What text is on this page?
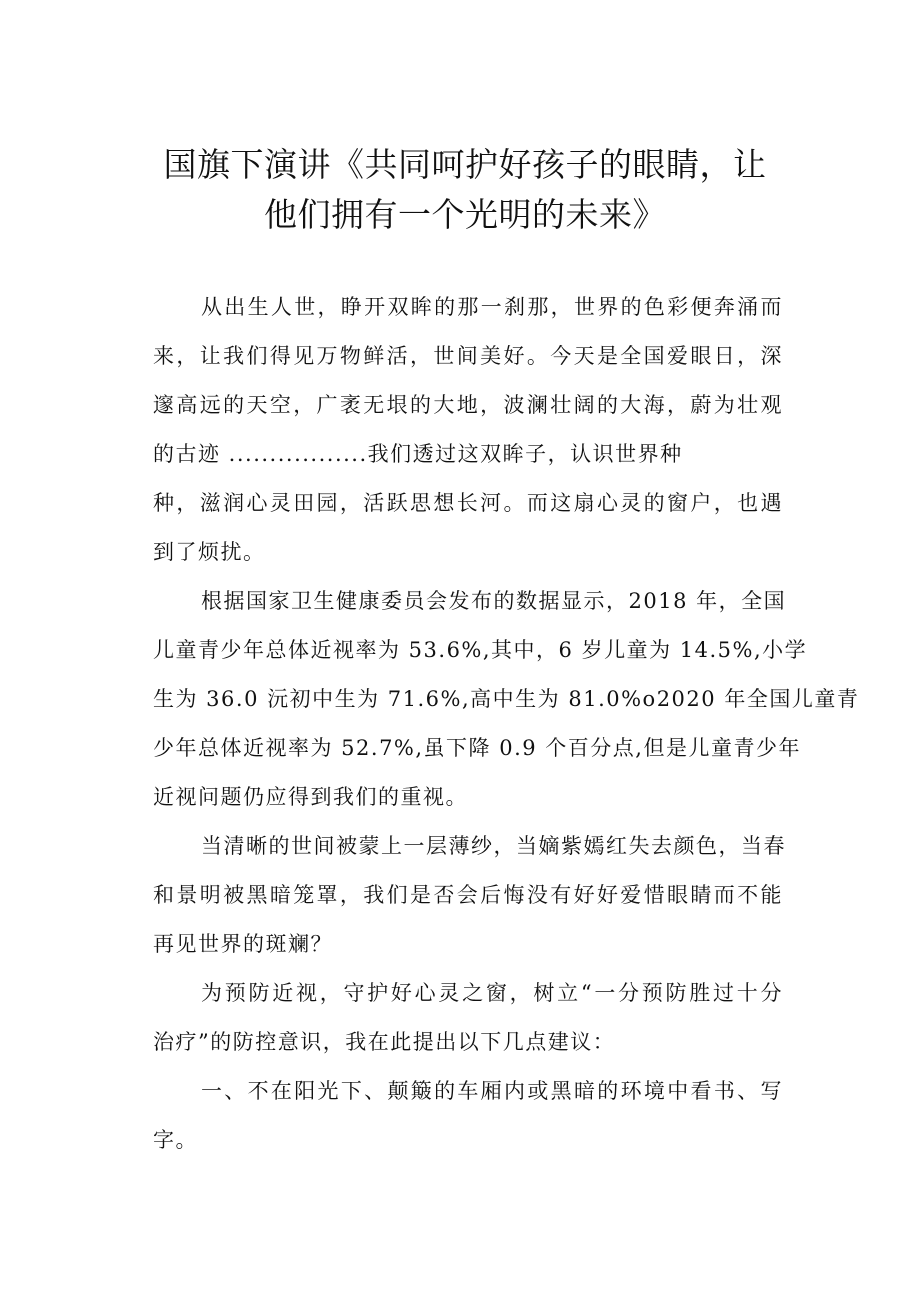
国旗下演讲《共同呵护好孩子的眼睛，让
他们拥有一个光明的未来》

从出生人世，睁开双眸的那一刹那，世界的色彩便奔涌而
来，让我们得见万物鲜活，世间美好。今天是全国爱眼日，深
邃高远的天空，广袤无垠的大地，波澜壮阔的大海，蔚为壮观
的古迹 .................我们透过这双眸子，认识世界种
种，滋润心灵田园，活跃思想长河。而这扇心灵的窗户，也遇
到了烦扰。

根据国家卫生健康委员会发布的数据显示，2018 年，全国
儿童青少年总体近视率为 53.6%,其中，6 岁儿童为 14.5%,小学
生为 36.0 沅初中生为 71.6%,高中生为 81.0%o2020 年全国儿童青
少年总体近视率为 52.7%,虽下降 0.9 个百分点,但是儿童青少年
近视问题仍应得到我们的重视。

当清晰的世间被蒙上一层薄纱，当嫡紫嫣红失去颜色，当春
和景明被黑暗笼罩，我们是否会后悔没有好好爱惜眼睛而不能
再见世界的斑斓？

为预防近视，守护好心灵之窗，树立“一分预防胜过十分
治疗”的防控意识，我在此提出以下几点建议：

一、不在阳光下、颠簸的车厢内或黑暗的环境中看书、写
字。
